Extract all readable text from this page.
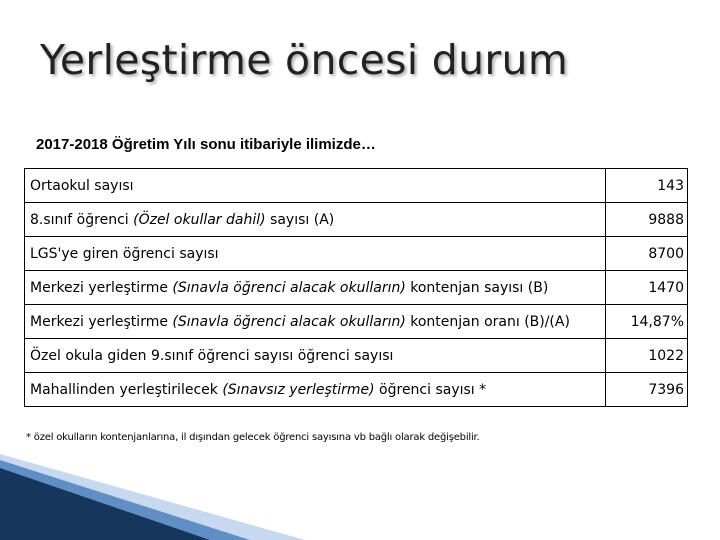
Yerleştirme öncesi durum
2017-2018 Öğretim Yılı sonu itibariyle ilimizde…
Ortaokul sayısı	143
8.sınıf öğrenci (Özel okullar dahil) sayısı (A)	9888
LGS'ye giren öğrenci sayısı	8700
Merkezi yerleştirme (Sınavla öğrenci alacak okulların) kontenjan sayısı (B)	1470
Merkezi yerleştirme (Sınavla öğrenci alacak okulların) kontenjan oranı (B)/(A)	14,87%
Özel okula giden 9.sınıf öğrenci sayısı öğrenci sayısı	1022
Mahallinden yerleştirilecek (Sınavsız yerleştirme) öğrenci sayısı *	7396
* özel okulların kontenjanlarına, il dışından gelecek öğrenci sayısına vb bağlı olarak değişebilir.
